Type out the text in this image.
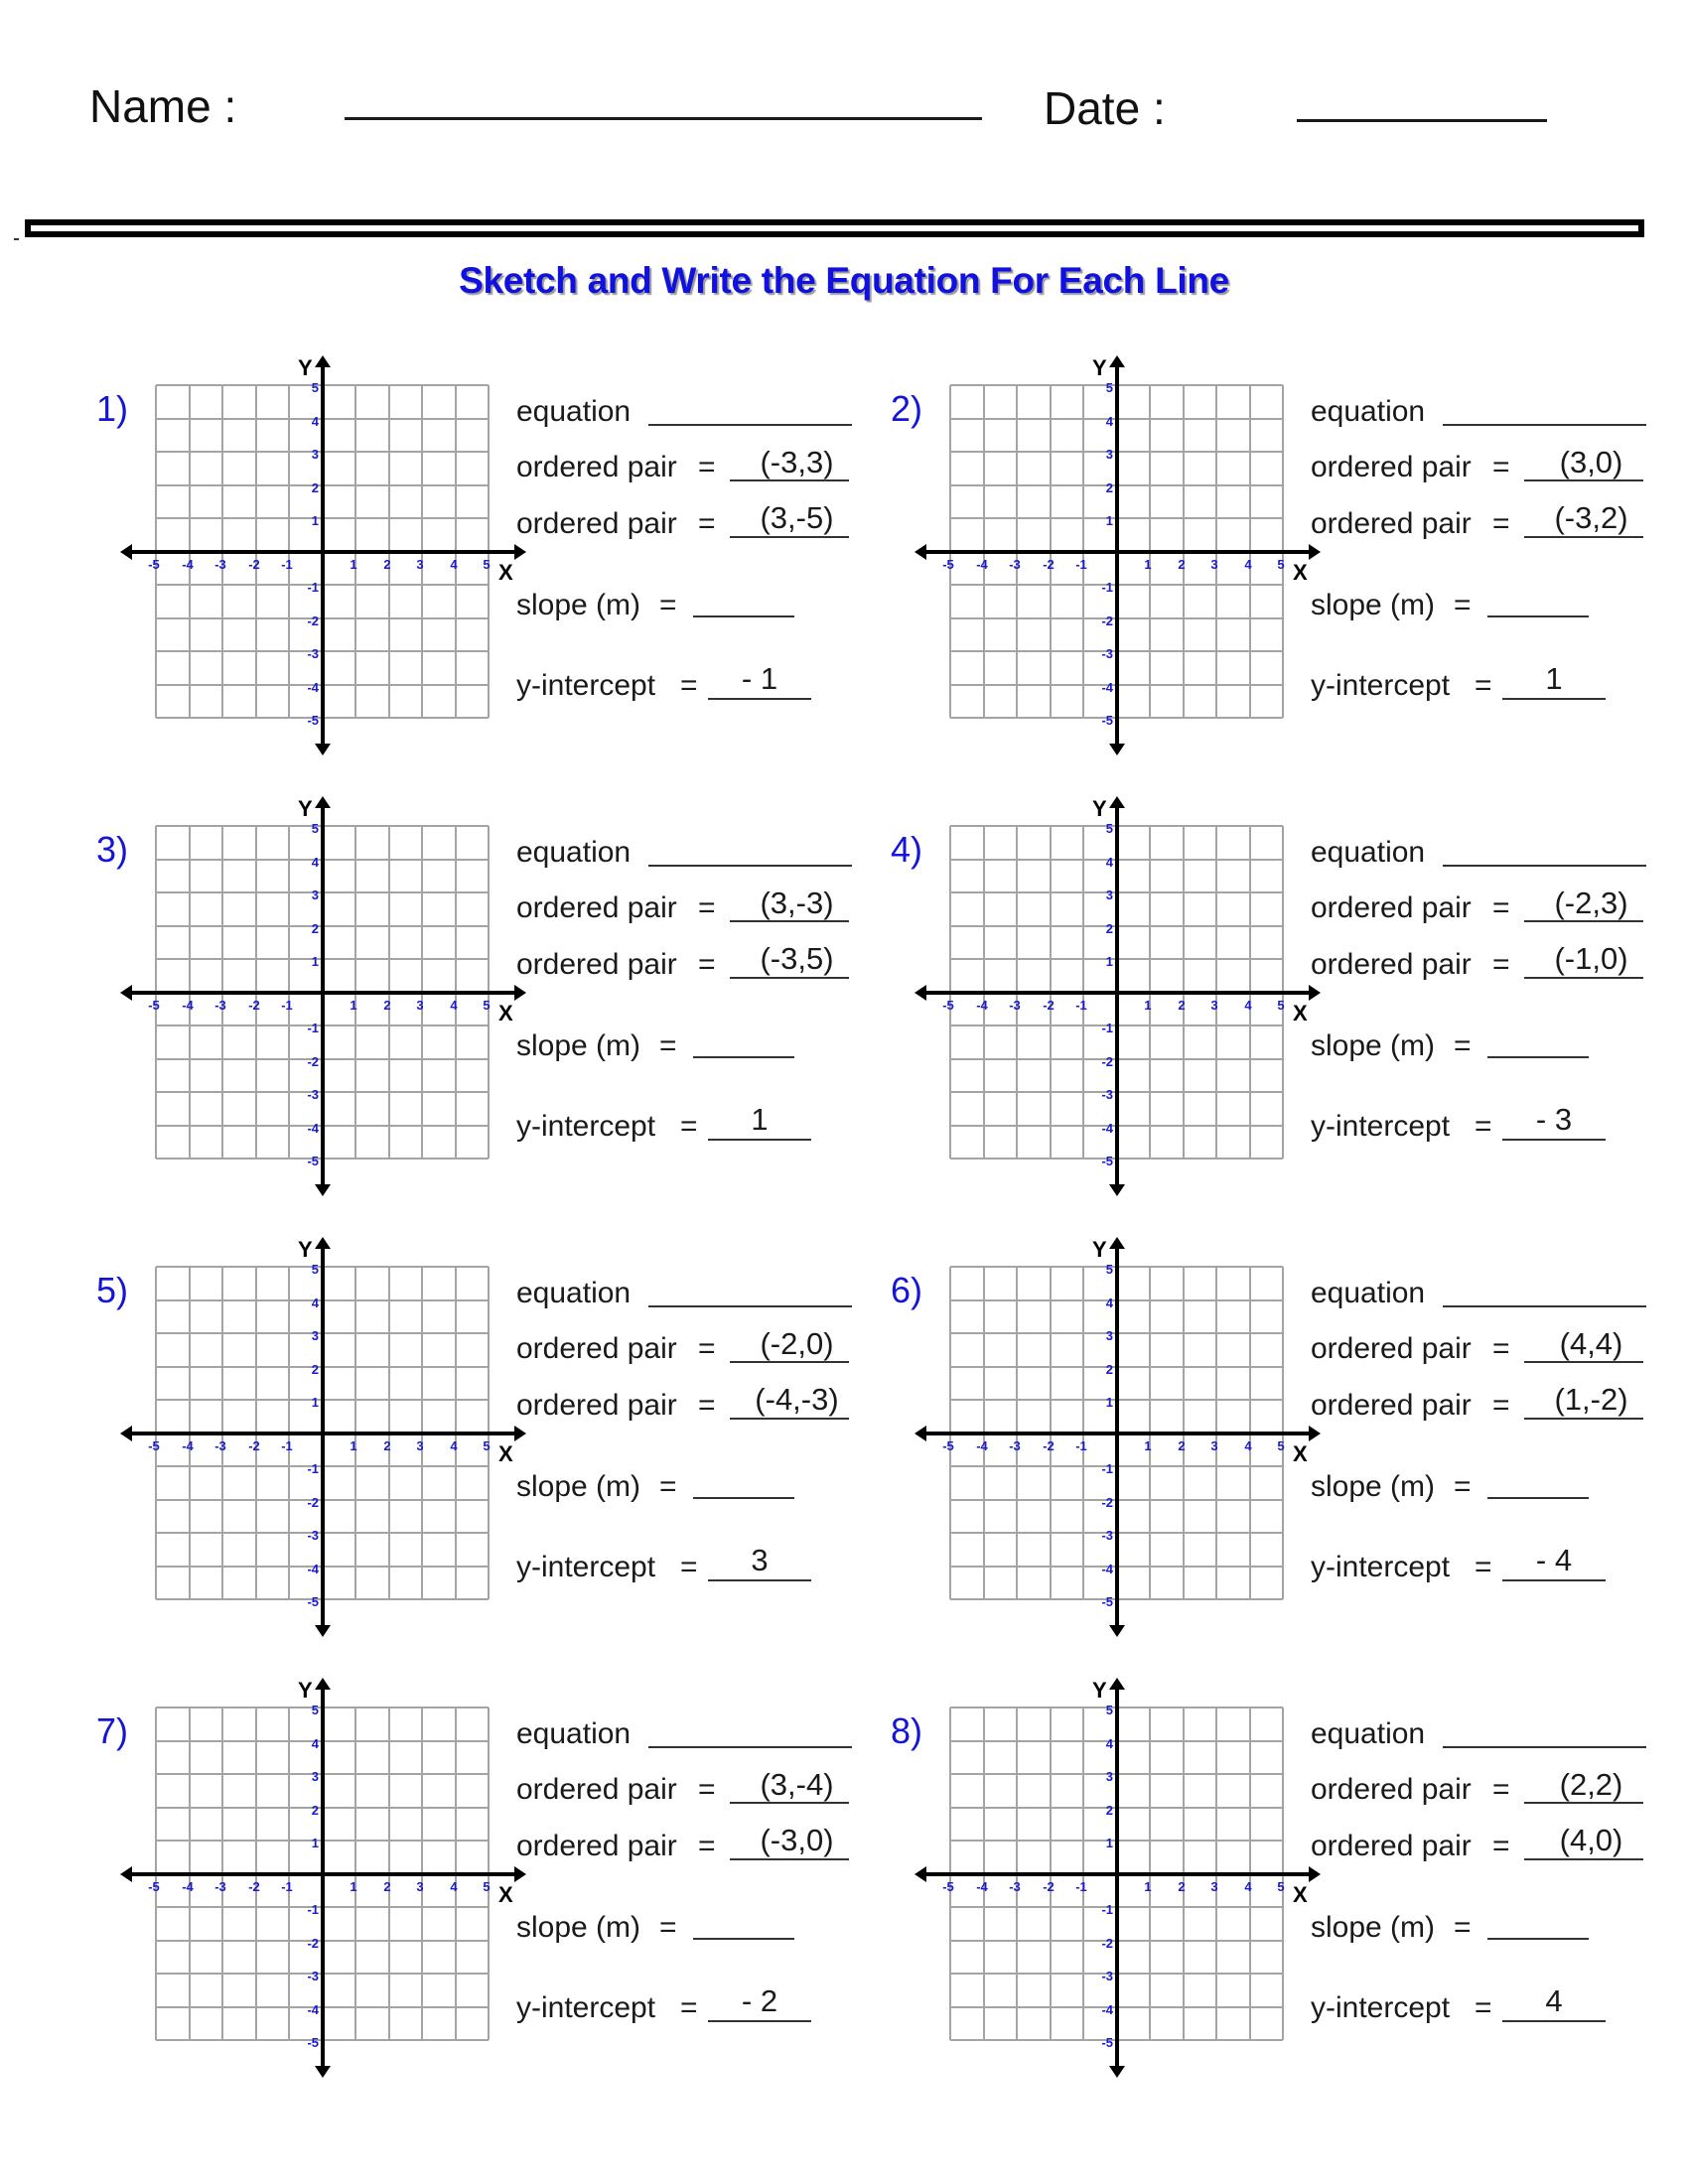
Name :	Date :
Sketch and Write the Equation For Each Line
1)
Y
X
-5 -4 -3 -2 -1	1	2	3	4	5
5
4
3
2
1
-1
-2
-3
-4
-5
equation
ordered pair =	(-3,3)
ordered pair =	(3,-5)
slope (m) =
y-intercept =	- 1
2)
Y
X
-5 -4 -3 -2 -1	1	2	3	4	5
5
4
3
2
1
-1
-2
-3
-4
-5
equation
ordered pair =	(3,0)
ordered pair =	(-3,2)
slope (m) =
y-intercept =	1
3)
Y
X
-5 -4 -3 -2 -1	1	2	3	4	5
5
4
3
2
1
-1
-2
-3
-4
-5
equation
ordered pair =	(3,-3)
ordered pair =	(-3,5)
slope (m) =
y-intercept =	1
4)
Y
X
-5 -4 -3 -2 -1	1	2	3	4	5
5
4
3
2
1
-1
-2
-3
-4
-5
equation
ordered pair =	(-2,3)
ordered pair =	(-1,0)
slope (m) =
y-intercept =	- 3
5)
Y
X
-5 -4 -3 -2 -1	1	2	3	4	5
5
4
3
2
1
-1
-2
-3
-4
-5
equation
ordered pair =	(-2,0)
ordered pair =	(-4,-3)
slope (m) =
y-intercept =	3
6)
Y
X
-5 -4 -3 -2 -1	1	2	3	4	5
5
4
3
2
1
-1
-2
-3
-4
-5
equation
ordered pair =	(4,4)
ordered pair =	(1,-2)
slope (m) =
y-intercept =	- 4
7)
Y
X
-5 -4 -3 -2 -1	1	2	3	4	5
5
4
3
2
1
-1
-2
-3
-4
-5
equation
ordered pair =	(3,-4)
ordered pair =	(-3,0)
slope (m) =
y-intercept =	- 2
8)
Y
X
-5 -4 -3 -2 -1	1	2	3	4	5
5
4
3
2
1
-1
-2
-3
-4
-5
equation
ordered pair =	(2,2)
ordered pair =	(4,0)
slope (m) =
y-intercept =	4
